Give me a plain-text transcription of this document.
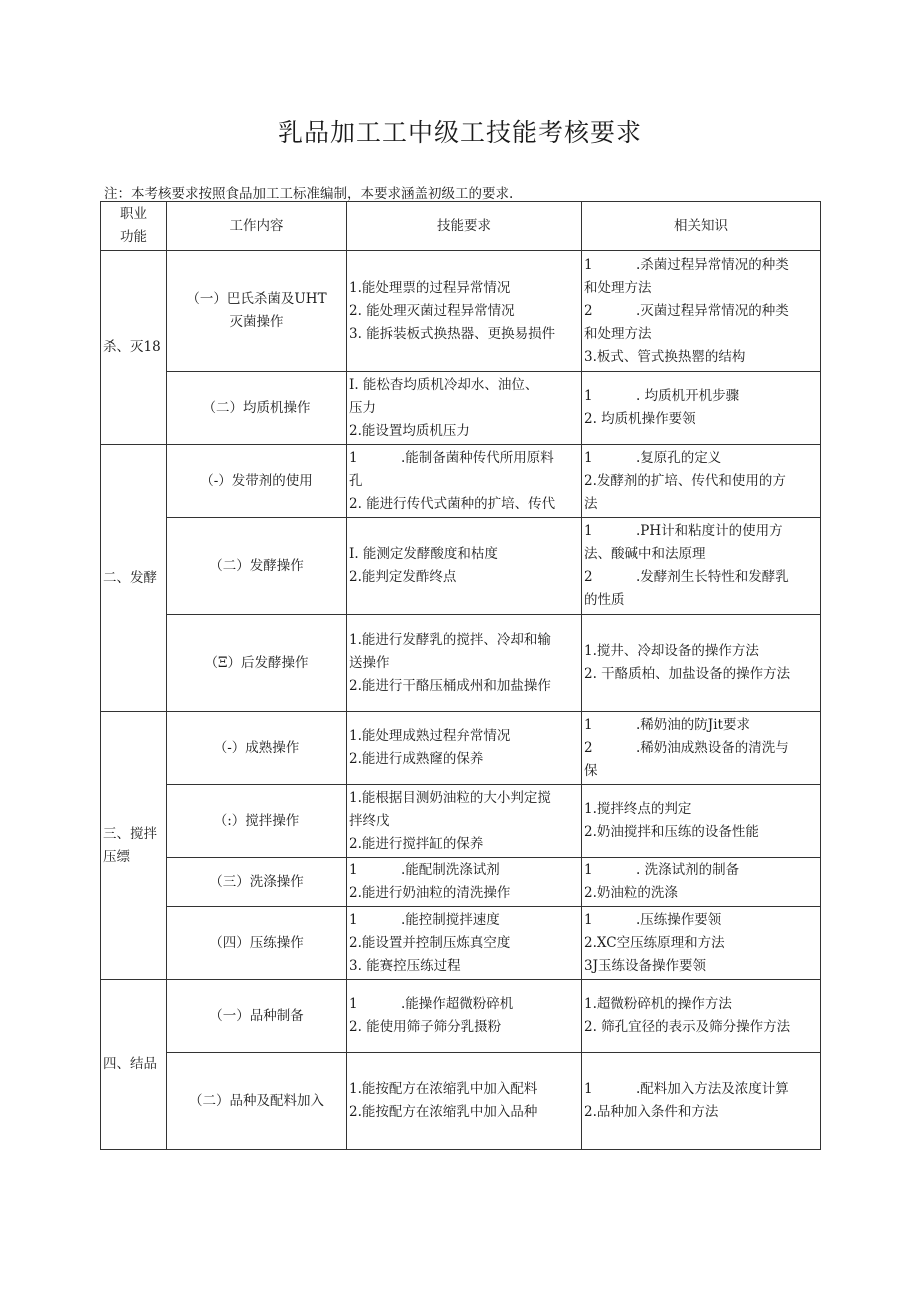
乳品加工工中级工技能考核要求
注：本考核要求按照食品加工工标准编制，本要求涵盖初级工的要求.
职业
功能	工作内容	技能要求	相关知识

杀、灭18	（一）巴氏杀菌及UHT
灭菌操作	1.能处理票的过程异常情况
2. 能处理灭菌过程异常情况
3. 能拆装板式换热器、更换易损件	1 .杀菌过程异常情况的种类
和处理方法
2 .灭菌过程异常情况的种类
和处理方法
3.板式、管式换热罂的结构

	（二）均质机操作	I. 能松杳均质机冷却水、油位、
压力
2.能设置均质机压力	1 . 均质机开机步骤
2. 均质机操作要领

二、发酵	（-）发带剂的使用	1 .能制备菌种传代所用原料
孔
2. 能进行传代式菌种的扩培、传代	1 .复原孔的定义
2.发酵剂的扩培、传代和使用的方
法

	（二）发酵操作	I. 能测定发酵酸度和枯度
2.能判定发酢终点	1 .PH计和粘度计的使用方
法、酸碱中和法原理
2 .发酵剂生长特性和发酵乳
的性质

	（Ξ）后发酵操作	1.能进行发酵乳的搅拌、冷却和输
送操作
2.能进行干酪压桶成州和加盐操作	1.搅井、冷却设备的操作方法
2. 干酪质柏、加盐设备的操作方法

三、搅拌
压缥	（-）成熟操作	1.能处理成熟过程弁常情况
2.能进行成熟窿的保养	1 .稀奶油的防Jit要求
2 .稀奶油成熟设备的清洗与
保

	（:）搅拌操作	1.能根据目测奶油粒的大小判定搅
拌终戊
2.能进行搅拌缸的保养	1.搅拌终点的判定
2.奶油搅拌和压练的设备性能

	（三）洗涤操作	1 .能配制洗涤试剂
2.能进行奶油粒的清洗操作	1 . 洗涤试剂的制备
2.奶油粒的洗涤

	（四）压练操作	1 .能控制搅拌速度
2.能设置并控制压炼真空度
3. 能赛控压练过程	1 .压练操作要领
2.XC空压练原理和方法
3J玉练设备操作要领

四、结品	（一）品种制备	1 .能操作超微粉碎机
2. 能使用筛子筛分乳摄粉	1.超微粉碎机的操作方法
2. 筛孔宜径的表示及筛分操作方法

	（二）品种及配料加入	1.能按配方在浓缩乳中加入配料
2.能按配方在浓缩乳中加入品种	1 .配料加入方法及浓度计算
2.品种加入条件和方法
